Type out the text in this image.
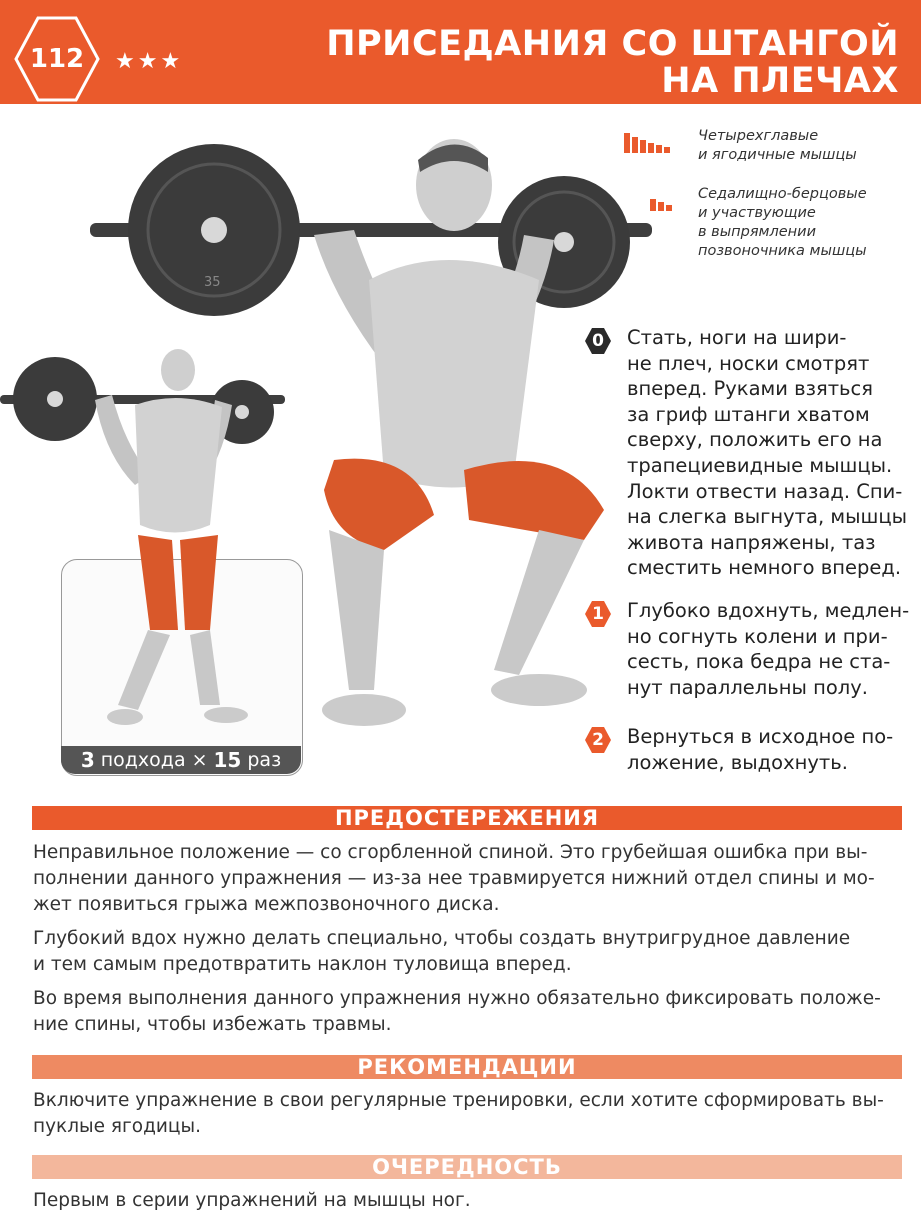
112	★★★	ПРИСЕДАНИЯ СО ШТАНГОЙ
НА ПЛЕЧАХ
Четырехглавые
и ягодичные мышцы
Седалищно-берцовые
и участвующие
в выпрямлении
позвоночника мышцы
35
3 подхода × 15 раз
0	Стать, ноги на шири-
не плеч, носки смотрят
вперед. Руками взяться
за гриф штанги хватом
сверху, положить его на
трапециевидные мышцы.
Локти отвести назад. Спи-
на слегка выгнута, мышцы
живота напряжены, таз
сместить немного вперед.
1	Глубоко вдохнуть, медлен-
но согнуть колени и при-
сесть, пока бедра не ста-
нут параллельны полу.
2	Вернуться в исходное по-
ложение, выдохнуть.
ПРЕДОСТЕРЕЖЕНИЯ
Неправильное положение — со сгорбленной спиной. Это грубейшая ошибка при вы-
полнении данного упражнения — из-за нее травмируется нижний отдел спины и мо-
жет появиться грыжа межпозвоночного диска.
Глубокий вдох нужно делать специально, чтобы создать внутригрудное давление
и тем самым предотвратить наклон туловища вперед.
Во время выполнения данного упражнения нужно обязательно фиксировать положе-
ние спины, чтобы избежать травмы.
РЕКОМЕНДАЦИИ
Включите упражнение в свои регулярные тренировки, если хотите сформировать вы-
пуклые ягодицы.
ОЧЕРЕДНОСТЬ
Первым в серии упражнений на мышцы ног.
